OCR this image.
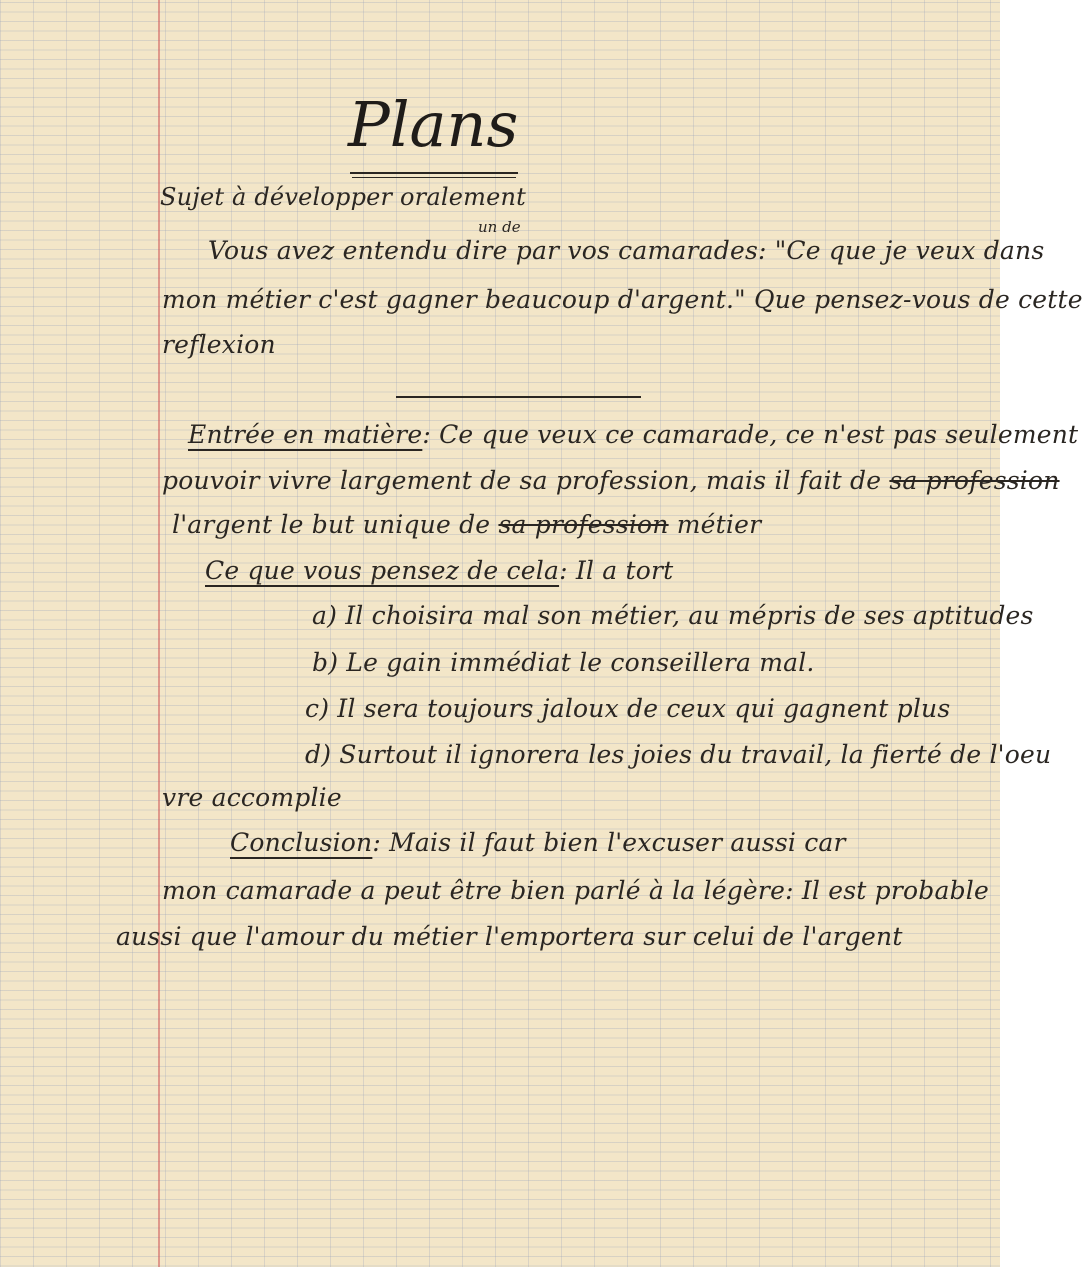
Plans
Sujet à développer oralement
un de
Vous avez entendu dire par vos camarades: "Ce que je veux dans
mon métier c'est gagner beaucoup d'argent." Que pensez-vous de cette
reflexion
Entrée en matière: Ce que veux ce camarade, ce n'est pas seulement
pouvoir vivre largement de sa profession, mais il fait de sa profession
l'argent le but unique de sa profession métier
Ce que vous pensez de cela: Il a tort
a) Il choisira mal son métier, au mépris de ses aptitudes
b) Le gain immédiat le conseillera mal.
c) Il sera toujours jaloux de ceux qui gagnent plus
d) Surtout il ignorera les joies du travail, la fierté de l'oeu
vre accomplie
Conclusion: Mais il faut bien l'excuser aussi car
mon camarade a peut être bien parlé à la légère: Il est probable
aussi que l'amour du métier l'emportera sur celui de l'argent
